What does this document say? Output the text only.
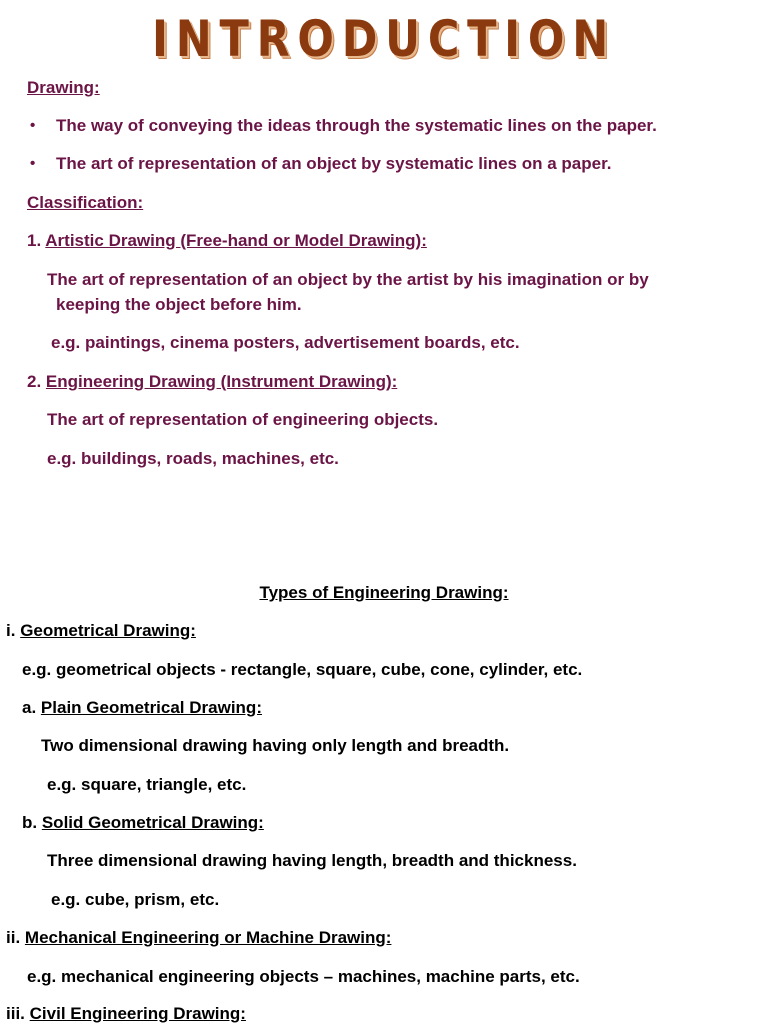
INTRODUCTION
Drawing:
• The way of conveying the ideas through the systematic lines on the paper.
• The art of representation of an object by systematic lines on a paper.
Classification:
1. Artistic Drawing (Free-hand or Model Drawing):
The art of representation of an object by the artist by his imagination or by
keeping the object before him.
e.g. paintings, cinema posters, advertisement boards, etc.
2. Engineering Drawing (Instrument Drawing):
The art of representation of engineering objects.
e.g. buildings, roads, machines, etc.
Types of Engineering Drawing:
i. Geometrical Drawing:
e.g. geometrical objects - rectangle, square, cube, cone, cylinder, etc.
a. Plain Geometrical Drawing:
Two dimensional drawing having only length and breadth.
e.g. square, triangle, etc.
b. Solid Geometrical Drawing:
Three dimensional drawing having length, breadth and thickness.
e.g. cube, prism, etc.
ii. Mechanical Engineering or Machine Drawing:
e.g. mechanical engineering objects – machines, machine parts, etc.
iii. Civil Engineering Drawing:
